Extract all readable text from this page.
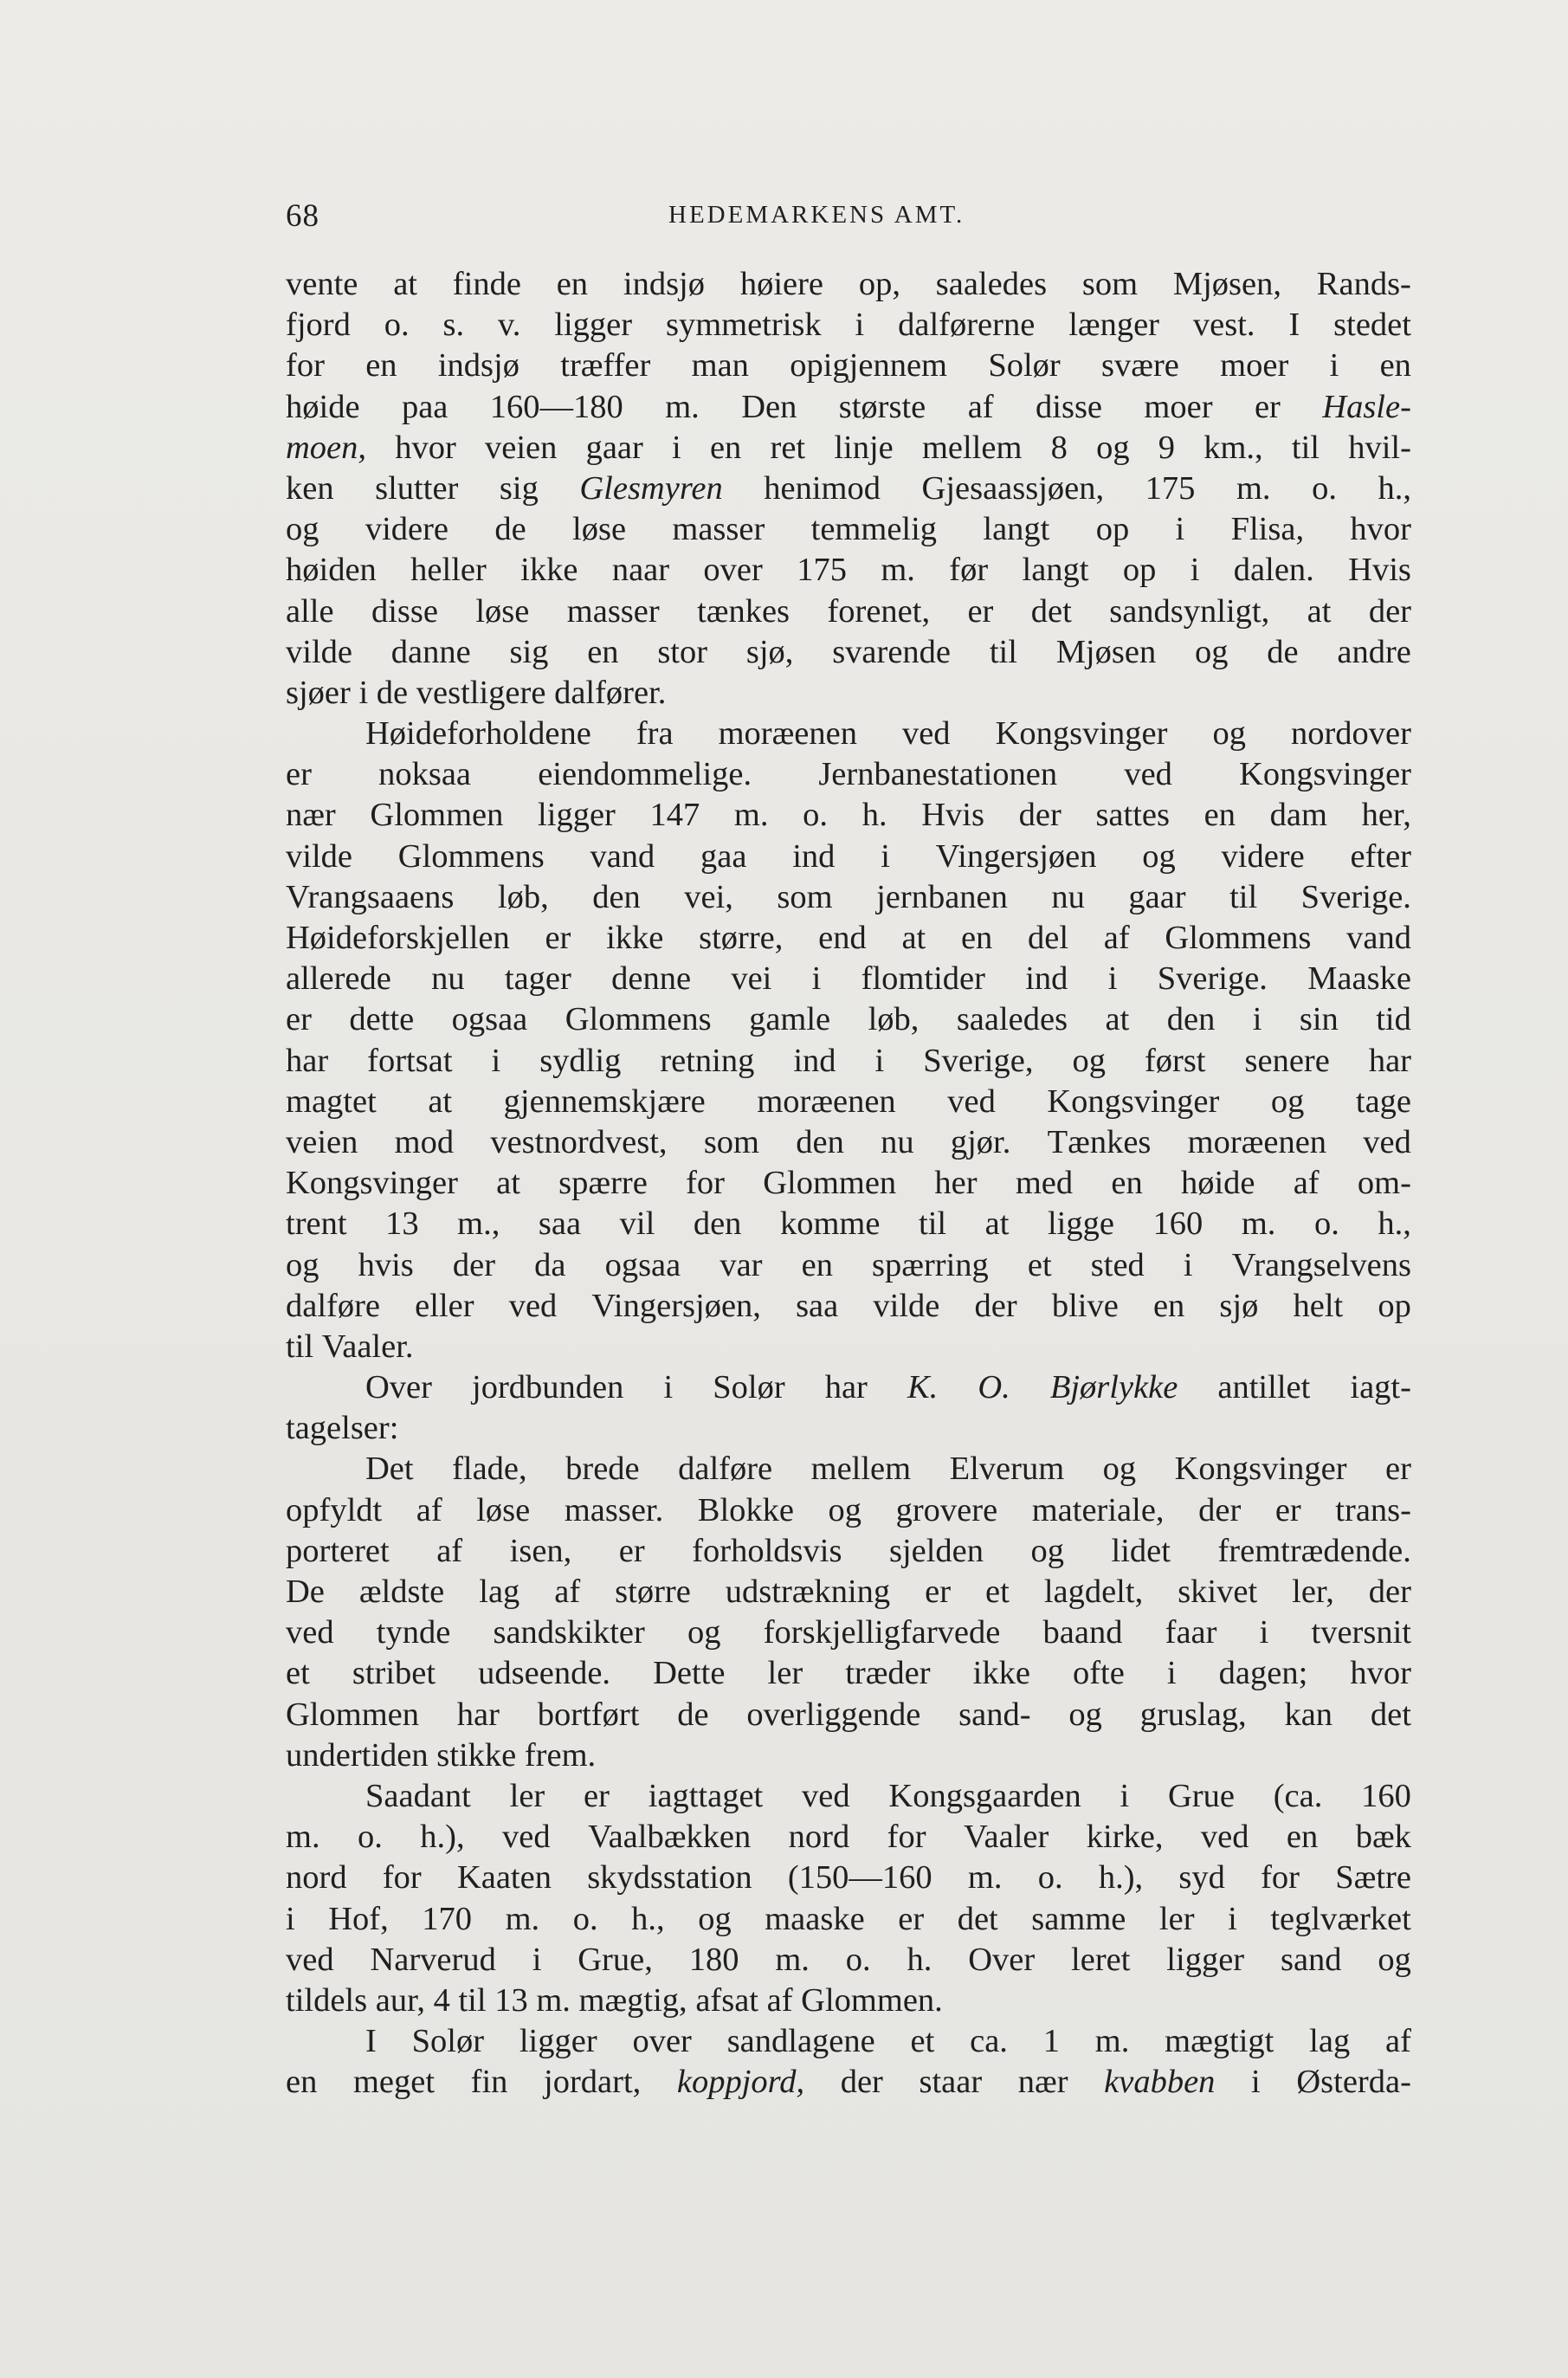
68	HEDEMARKENS AMT.
vente at finde en indsjø høiere op, saaledes som Mjøsen, Rands-
fjord o. s. v. ligger symmetrisk i dalførerne længer vest. I stedet
for en indsjø træffer man opigjennem Solør svære moer i en
høide paa 160—180 m. Den største af disse moer er Hasle-
moen, hvor veien gaar i en ret linje mellem 8 og 9 km., til hvil-
ken slutter sig Glesmyren henimod Gjesaassjøen, 175 m. o. h.,
og videre de løse masser temmelig langt op i Flisa, hvor
høiden heller ikke naar over 175 m. før langt op i dalen. Hvis
alle disse løse masser tænkes forenet, er det sandsynligt, at der
vilde danne sig en stor sjø, svarende til Mjøsen og de andre
sjøer i de vestligere dalfører.
Høideforholdene fra moræenen ved Kongsvinger og nordover
er noksaa eiendommelige. Jernbanestationen ved Kongsvinger
nær Glommen ligger 147 m. o. h. Hvis der sattes en dam her,
vilde Glommens vand gaa ind i Vingersjøen og videre efter
Vrangsaaens løb, den vei, som jernbanen nu gaar til Sverige.
Høideforskjellen er ikke større, end at en del af Glommens vand
allerede nu tager denne vei i flomtider ind i Sverige. Maaske
er dette ogsaa Glommens gamle løb, saaledes at den i sin tid
har fortsat i sydlig retning ind i Sverige, og først senere har
magtet at gjennemskjære moræenen ved Kongsvinger og tage
veien mod vestnordvest, som den nu gjør. Tænkes moræenen ved
Kongsvinger at spærre for Glommen her med en høide af om-
trent 13 m., saa vil den komme til at ligge 160 m. o. h.,
og hvis der da ogsaa var en spærring et sted i Vrangselvens
dalføre eller ved Vingersjøen, saa vilde der blive en sjø helt op
til Vaaler.
Over jordbunden i Solør har K. O. Bjørlykke antillet iagt-
tagelser:
Det flade, brede dalføre mellem Elverum og Kongsvinger er
opfyldt af løse masser. Blokke og grovere materiale, der er trans-
porteret af isen, er forholdsvis sjelden og lidet fremtrædende.
De ældste lag af større udstrækning er et lagdelt, skivet ler, der
ved tynde sandskikter og forskjelligfarvede baand faar i tversnit
et stribet udseende. Dette ler træder ikke ofte i dagen; hvor
Glommen har bortført de overliggende sand- og gruslag, kan det
undertiden stikke frem.
Saadant ler er iagttaget ved Kongsgaarden i Grue (ca. 160
m. o. h.), ved Vaalbækken nord for Vaaler kirke, ved en bæk
nord for Kaaten skydsstation (150—160 m. o. h.), syd for Sætre
i Hof, 170 m. o. h., og maaske er det samme ler i teglværket
ved Narverud i Grue, 180 m. o. h. Over leret ligger sand og
tildels aur, 4 til 13 m. mægtig, afsat af Glommen.
I Solør ligger over sandlagene et ca. 1 m. mægtigt lag af
en meget fin jordart, koppjord, der staar nær kvabben i Østerda-
